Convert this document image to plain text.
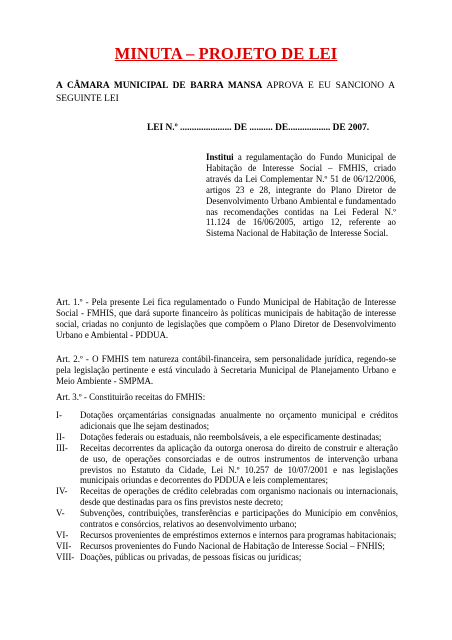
MINUTA – PROJETO DE LEI
A CÂMARA MUNICIPAL DE BARRA MANSA APROVA E EU SANCIONO A SEGUINTE LEI
LEI N.º ...................... DE .......... DE.................. DE 2007.
Institui a regulamentação do Fundo Municipal de Habitação de Interesse Social – FMHIS, criado através da Lei Complementar N.º 51 de 06/12/2006, artigos 23 e 28, integrante do Plano Diretor de Desenvolvimento Urbano Ambiental e fundamentado nas recomendações contidas na Lei Federal N.º 11.124 de 16/06/2005, artigo 12, referente ao Sistema Nacional de Habitação de Interesse Social.
Art. 1.º - Pela presente Lei fica regulamentado o Fundo Municipal de Habitação de Interesse Social - FMHIS, que dará suporte financeiro às políticas municipais de habitação de interesse social, criadas no conjunto de legislações que compõem o Plano Diretor de Desenvolvimento Urbano e Ambiental - PDDUA.
Art. 2.º - O FMHIS tem natureza contábil-financeira, sem personalidade jurídica, regendo-se pela legislação pertinente e está vinculado à Secretaria Municipal de Planejamento Urbano e Meio Ambiente - SMPMA.
Art. 3.º - Constituirão receitas do FMHIS:
I-	Dotações orçamentárias consignadas anualmente no orçamento municipal e créditos adicionais que lhe sejam destinados;
II-	Dotações federais ou estaduais, não reembolsáveis, a ele especificamente destinadas;
III-	Receitas decorrentes da aplicação da outorga onerosa do direito de construir e alteração de uso, de operações consorciadas e de outros instrumentos de intervenção urbana previstos no Estatuto da Cidade, Lei N.º 10.257 de 10/07/2001 e nas legislações municipais oriundas e decorrentes do PDDUA e leis complementares;
IV-	Receitas de operações de crédito celebradas com organismo nacionais ou internacionais, desde que destinadas para os fins previstos neste decreto;
V-	Subvenções, contribuições, transferências e participações do Município em convênios, contratos e consórcios, relativos ao desenvolvimento urbano;
VI-	Recursos provenientes de empréstimos externos e internos para programas habitacionais;
VII- Recursos provenientes do Fundo Nacional de Habitação de Interesse Social – FNHIS;
VIII- Doações, públicas ou privadas, de pessoas físicas ou jurídicas;
